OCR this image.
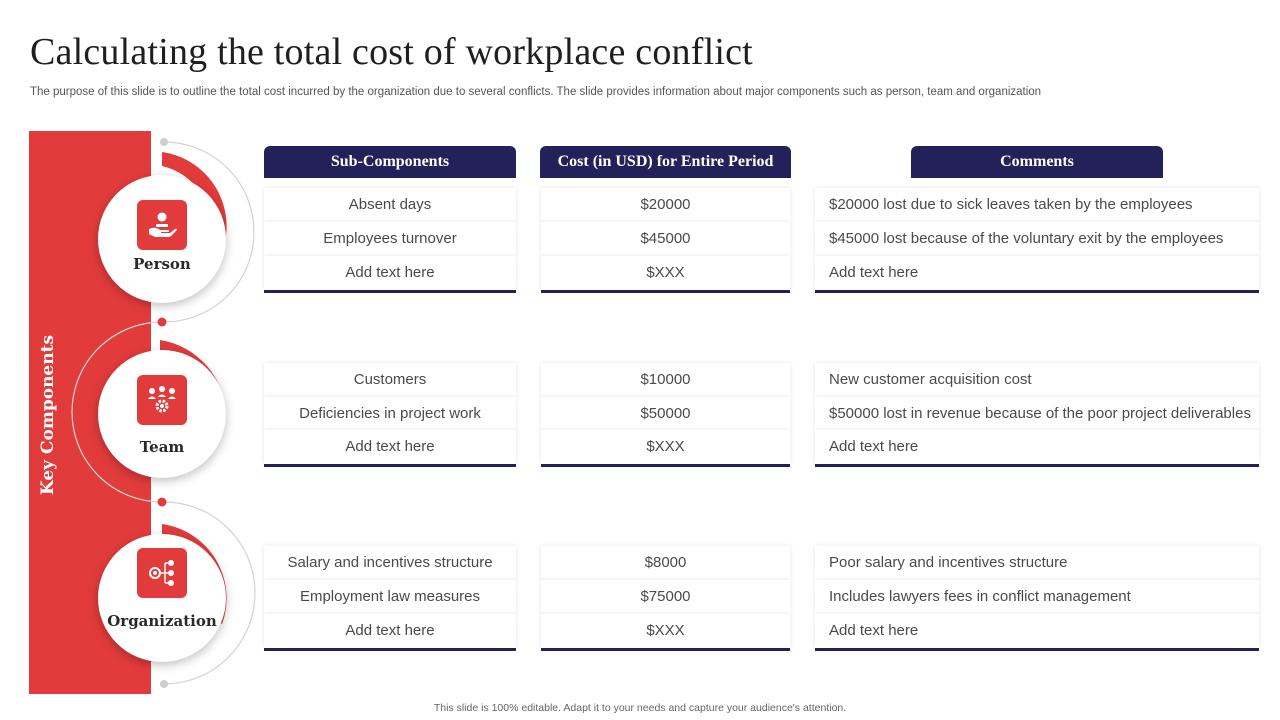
Calculating the total cost of workplace conflict

The purpose of this slide is to outline the total cost incurred by the organization due to several conflicts. The slide provides information about major components such as person, team and organization

Key Components
Person
Team
Organization
Sub-Components	Cost (in USD) for Entire Period	Comments
Absent days
Employees turnover
Add text here
$20000
$45000
$XXX
$20000 lost due to sick leaves taken by the employees
$45000 lost because of the voluntary exit by the employees
Add text here
Customers
Deficiencies in project work
Add text here
$10000
$50000
$XXX
New customer acquisition cost
$50000 lost in revenue because of the poor project deliverables
Add text here
Salary and incentives structure
Employment law measures
Add text here
$8000
$75000
$XXX
Poor salary and incentives structure
Includes lawyers fees in conflict management
Add text here
This slide is 100% editable. Adapt it to your needs and capture your audience's attention.
